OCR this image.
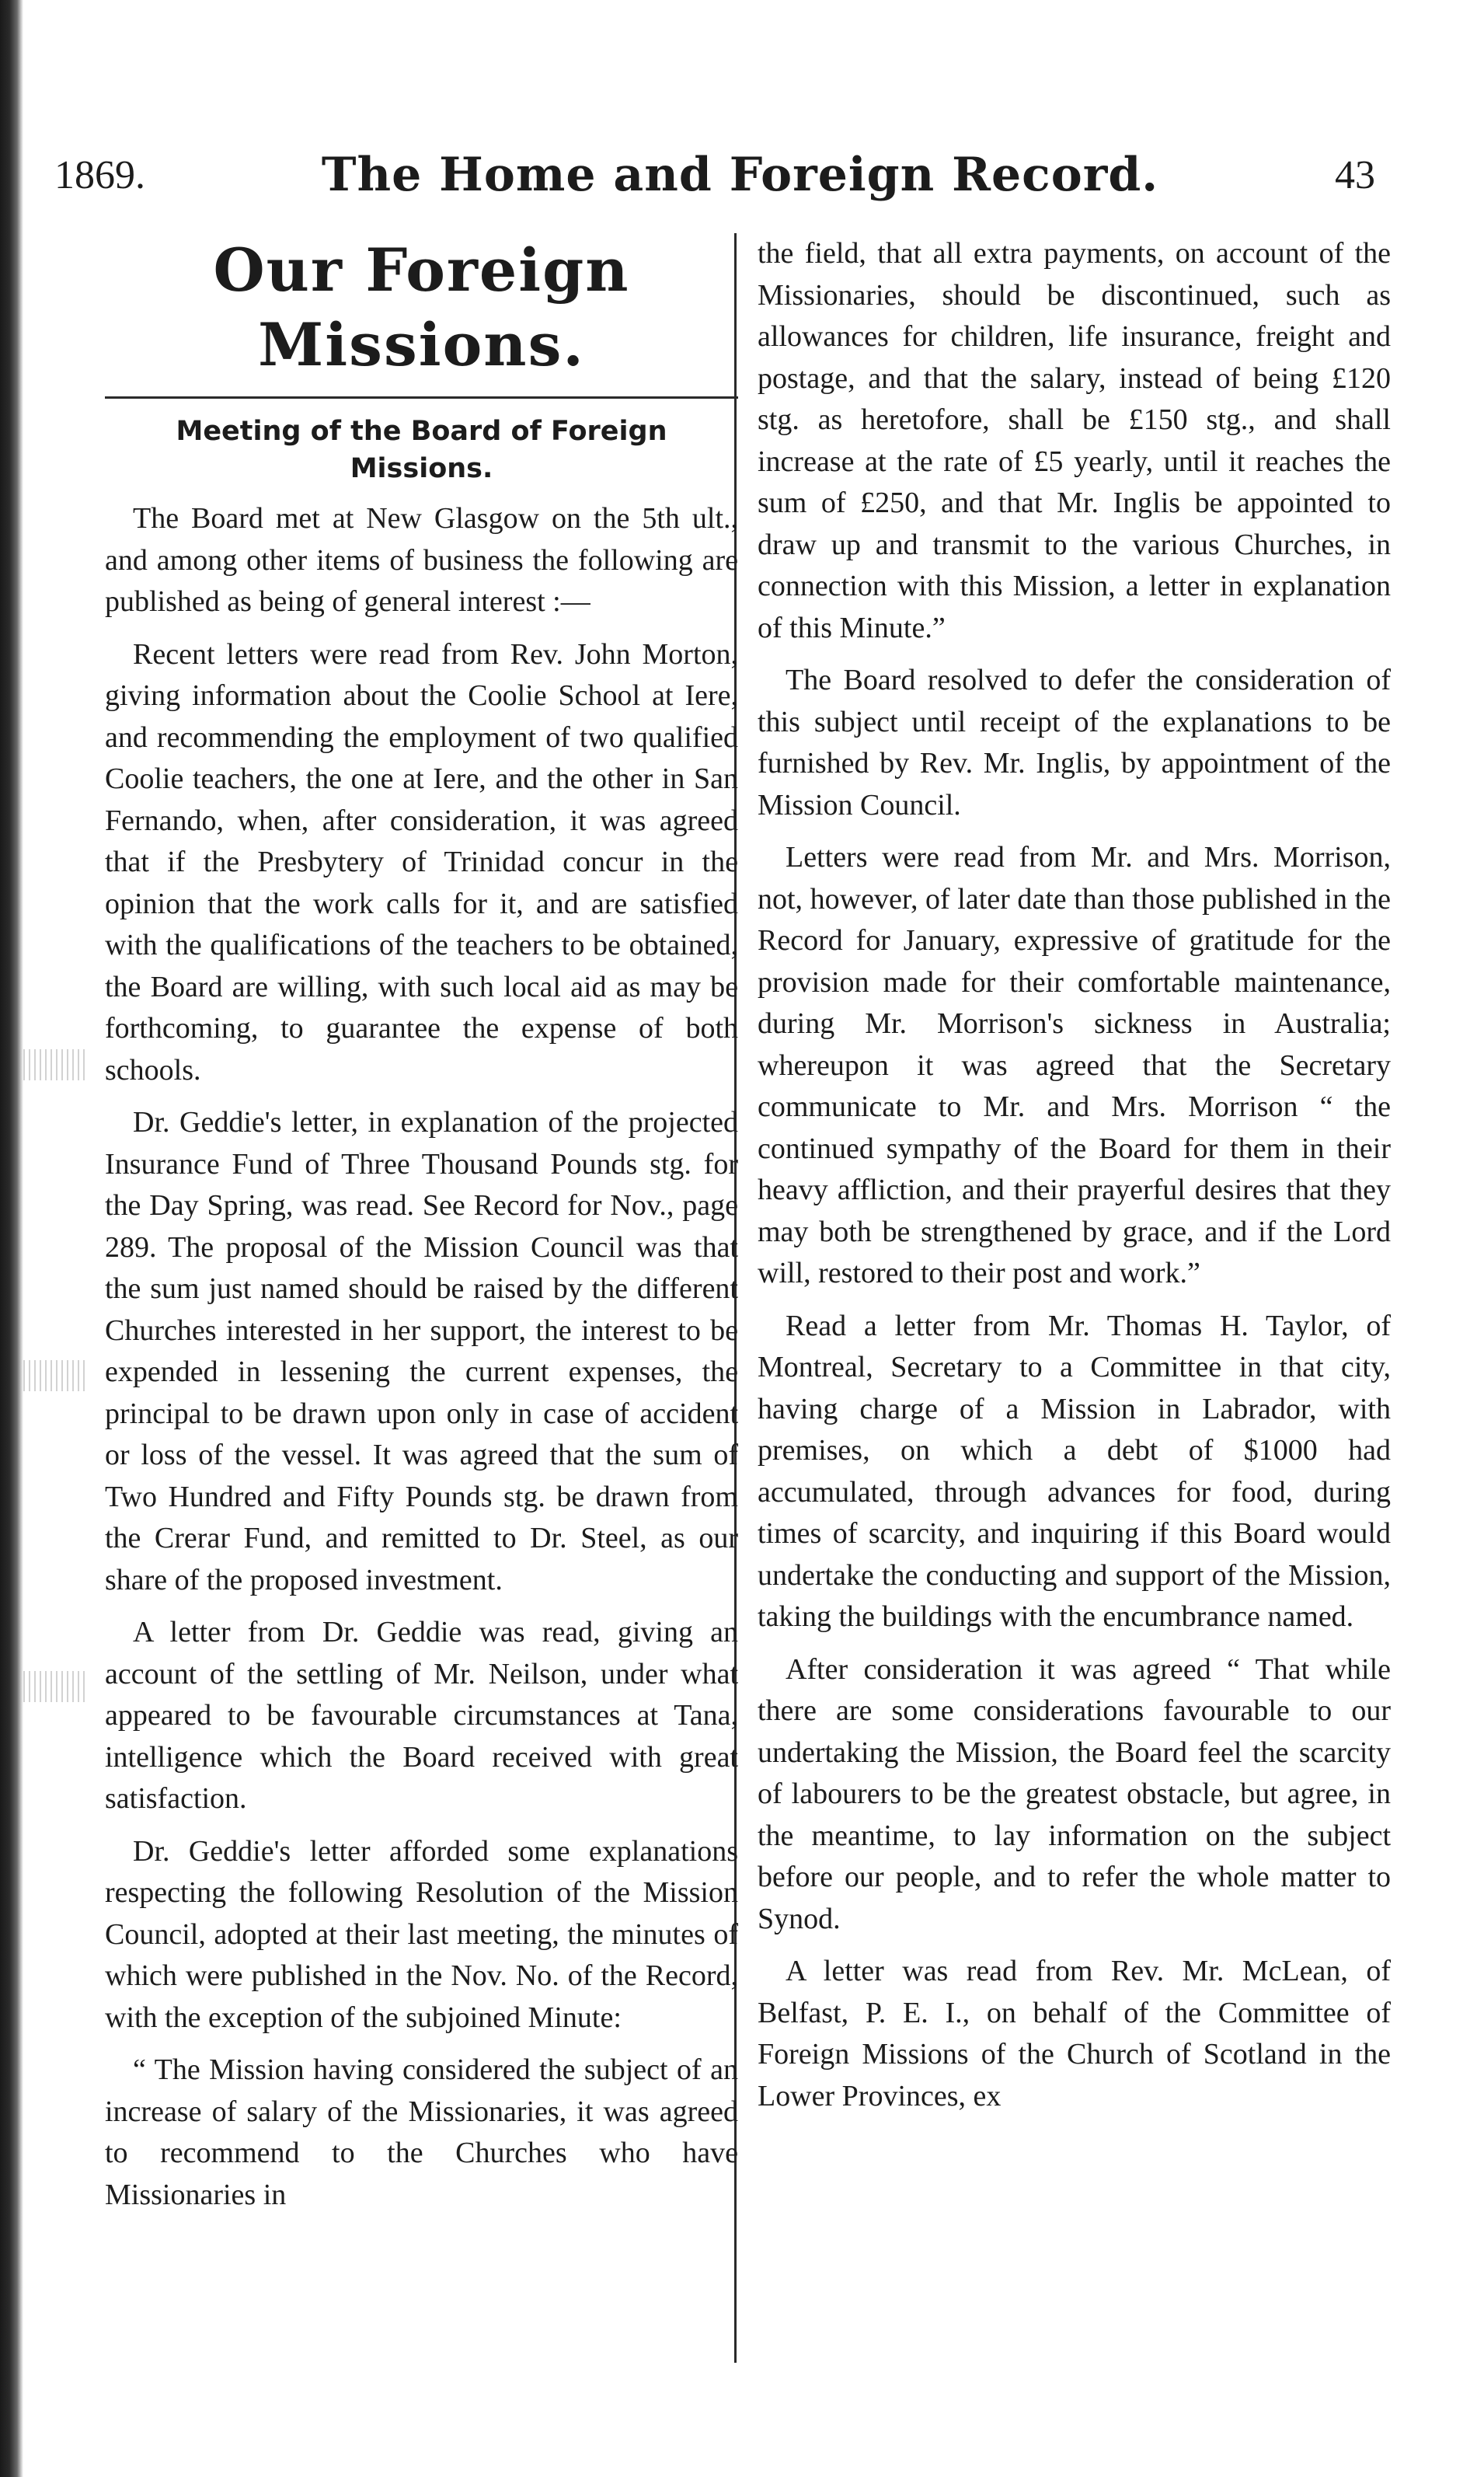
1869.	The Home and Foreign Record.	43
Our Foreign Missions.
Meeting of the Board of Foreign Missions.

The Board met at New Glasgow on the 5th ult., and among other items of business the following are published as being of general interest :—

Recent letters were read from Rev. John Morton, giving information about the Coolie School at Iere, and recommending the employment of two qualified Coolie teachers, the one at Iere, and the other in San Fernando, when, after consideration, it was agreed that if the Presbytery of Trinidad concur in the opinion that the work calls for it, and are satisfied with the qualifications of the teachers to be obtained, the Board are willing, with such local aid as may be forthcoming, to guarantee the expense of both schools.

Dr. Geddie's letter, in explanation of the projected Insurance Fund of Three Thousand Pounds stg. for the Day Spring, was read. See Record for Nov., page 289. The proposal of the Mission Council was that the sum just named should be raised by the different Churches interested in her support, the interest to be expended in lessening the current expenses, the principal to be drawn upon only in case of accident or loss of the vessel. It was agreed that the sum of Two Hundred and Fifty Pounds stg. be drawn from the Crerar Fund, and remitted to Dr. Steel, as our share of the proposed investment.

A letter from Dr. Geddie was read, giving an account of the settling of Mr. Neilson, under what appeared to be favourable circumstances at Tana, intelligence which the Board received with great satisfaction.

Dr. Geddie's letter afforded some explanations respecting the following Resolution of the Mission Council, adopted at their last meeting, the minutes of which were published in the Nov. No. of the Record, with the exception of the subjoined Minute:

“ The Mission having considered the subject of an increase of salary of the Missionaries, it was agreed to recommend to the Churches who have Missionaries in

the field, that all extra payments, on account of the Missionaries, should be discontinued, such as allowances for children, life insurance, freight and postage, and that the salary, instead of being £120 stg. as heretofore, shall be £150 stg., and shall increase at the rate of £5 yearly, until it reaches the sum of £250, and that Mr. Inglis be appointed to draw up and transmit to the various Churches, in connection with this Mission, a letter in explanation of this Minute.”

The Board resolved to defer the consideration of this subject until receipt of the explanations to be furnished by Rev. Mr. Inglis, by appointment of the Mission Council.

Letters were read from Mr. and Mrs. Morrison, not, however, of later date than those published in the Record for January, expressive of gratitude for the provision made for their comfortable maintenance, during Mr. Morrison's sickness in Australia; whereupon it was agreed that the Secretary communicate to Mr. and Mrs. Morrison “ the continued sympathy of the Board for them in their heavy affliction, and their prayerful desires that they may both be strengthened by grace, and if the Lord will, restored to their post and work.”

Read a letter from Mr. Thomas H. Taylor, of Montreal, Secretary to a Committee in that city, having charge of a Mission in Labrador, with premises, on which a debt of $1000 had accumulated, through advances for food, during times of scarcity, and inquiring if this Board would undertake the conducting and support of the Mission, taking the buildings with the encumbrance named.

After consideration it was agreed “ That while there are some considerations favourable to our undertaking the Mission, the Board feel the scarcity of labourers to be the greatest obstacle, but agree, in the meantime, to lay information on the subject before our people, and to refer the whole matter to Synod.

A letter was read from Rev. Mr. McLean, of Belfast, P. E. I., on behalf of the Committee of Foreign Missions of the Church of Scotland in the Lower Provinces, ex
